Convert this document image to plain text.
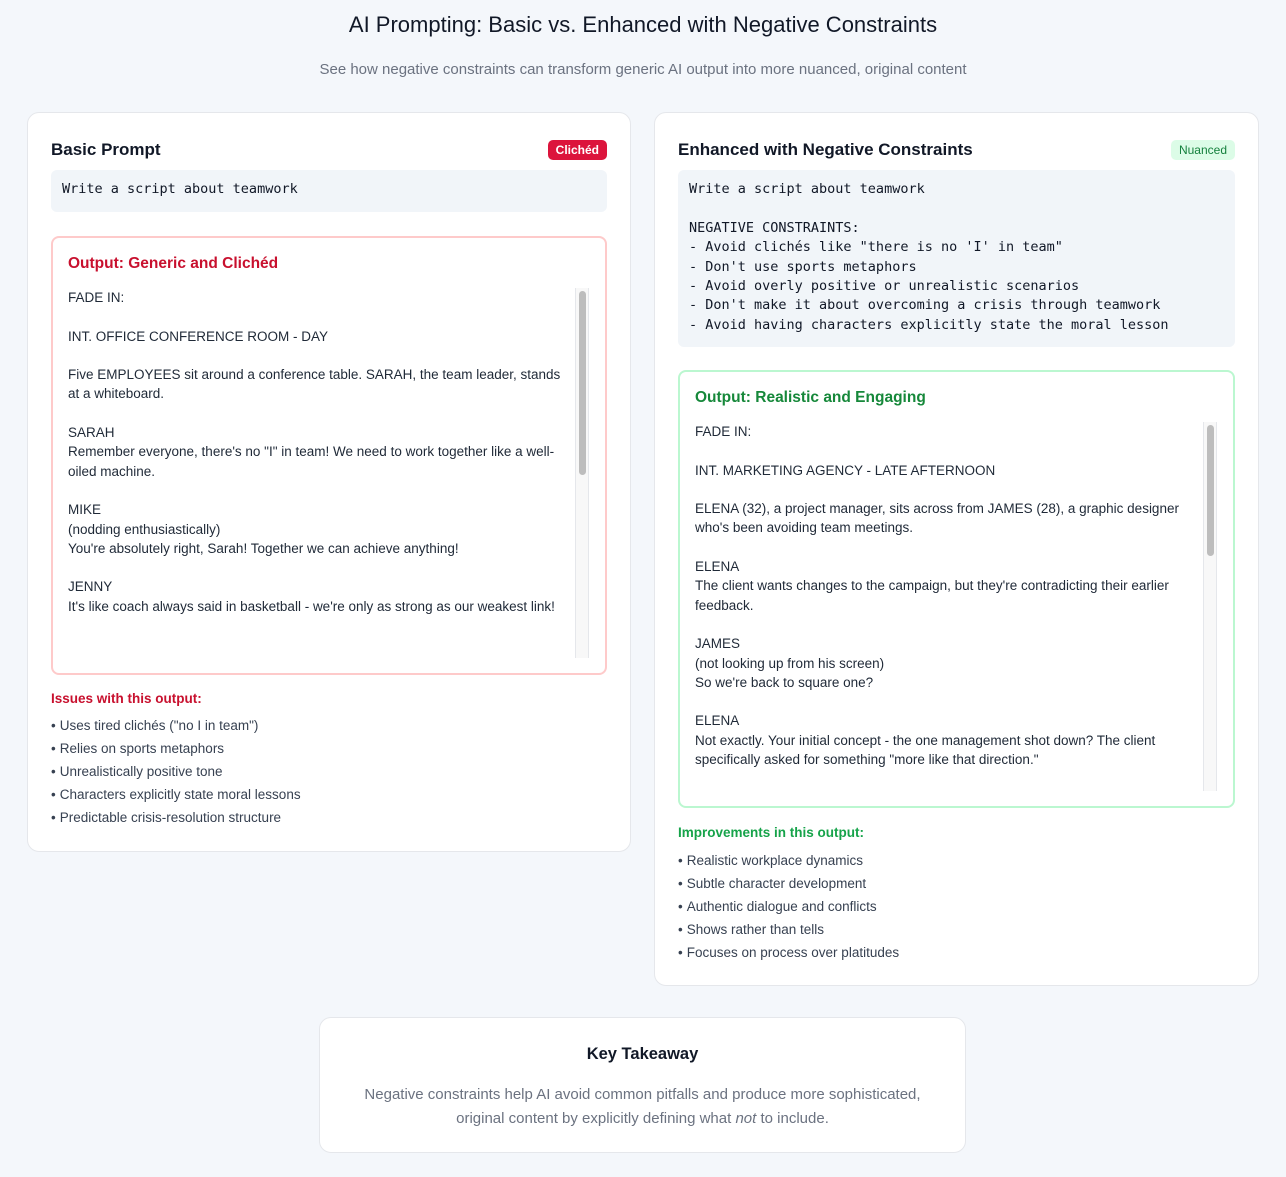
AI Prompting: Basic vs. Enhanced with Negative Constraints

See how negative constraints can transform generic AI output into more nuanced, original content

Basic Prompt	Clichéd
Write a script about teamwork
Output: Generic and Clichéd
FADE IN:

INT. OFFICE CONFERENCE ROOM - DAY

Five EMPLOYEES sit around a conference table. SARAH, the team leader, stands at a whiteboard.

SARAH
Remember everyone, there's no "I" in team! We need to work together like a well-oiled machine.

MIKE
(nodding enthusiastically)
You're absolutely right, Sarah! Together we can achieve anything!

JENNY
It's like coach always said in basketball - we're only as strong as our weakest link!
Issues with this output:
• Uses tired clichés ("no I in team")
• Relies on sports metaphors
• Unrealistically positive tone
• Characters explicitly state moral lessons
• Predictable crisis-resolution structure
Enhanced with Negative Constraints	Nuanced
Write a script about teamwork

NEGATIVE CONSTRAINTS:
- Avoid clichés like "there is no 'I' in team"
- Don't use sports metaphors
- Avoid overly positive or unrealistic scenarios
- Don't make it about overcoming a crisis through teamwork
- Avoid having characters explicitly state the moral lesson
Output: Realistic and Engaging
FADE IN:

INT. MARKETING AGENCY - LATE AFTERNOON

ELENA (32), a project manager, sits across from JAMES (28), a graphic designer who's been avoiding team meetings.

ELENA
The client wants changes to the campaign, but they're contradicting their earlier feedback.

JAMES
(not looking up from his screen)
So we're back to square one?

ELENA
Not exactly. Your initial concept - the one management shot down? The client specifically asked for something "more like that direction."
Improvements in this output:
• Realistic workplace dynamics
• Subtle character development
• Authentic dialogue and conflicts
• Shows rather than tells
• Focuses on process over platitudes
Key Takeaway

Negative constraints help AI avoid common pitfalls and produce more sophisticated, original content by explicitly defining what not to include.
